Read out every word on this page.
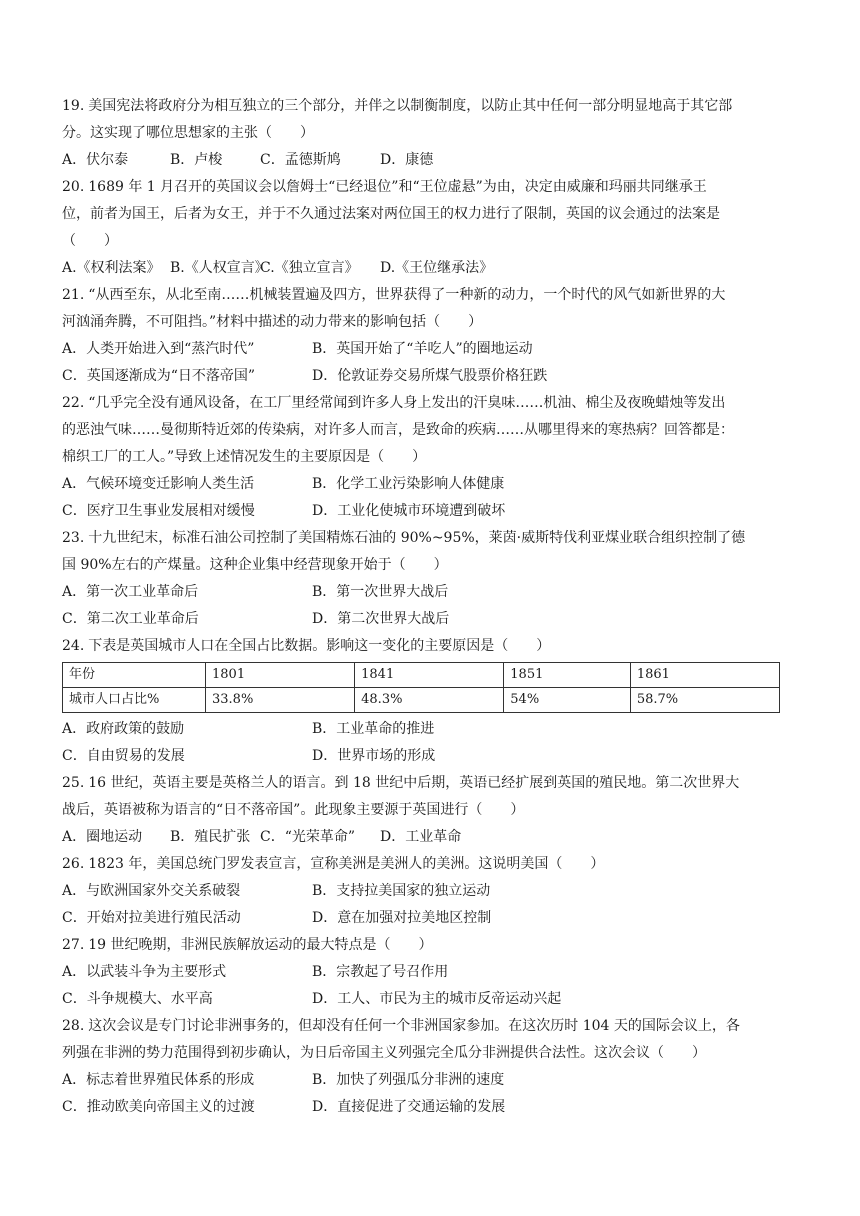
19. 美国宪法将政府分为相互独立的三个部分，并伴之以制衡制度，以防止其中任何一部分明显地高于其它部

分。这实现了哪位思想家的主张（　　）

A．伏尔泰	B．卢梭	C．孟德斯鸠	D．康德

20. 1689 年 1 月召开的英国议会以詹姆士“已经退位”和“王位虚悬”为由，决定由威廉和玛丽共同继承王

位，前者为国王，后者为女王，并于不久通过法案对两位国王的权力进行了限制，英国的议会通过的法案是

（　　）

A.《权利法案》 B.《人权宣言》
C.《独立宣言》	D.《王位继承法》

21. “从西至东，从北至南……机械装置遍及四方，世界获得了一种新的动力，一个时代的风气如新世界的大

河汹涌奔腾，不可阻挡。”材料中描述的动力带来的影响包括（　　）

A．人类开始进入到“蒸汽时代”	B．英国开始了“羊吃人”的圈地运动
C．英国逐渐成为“日不落帝国”	D．伦敦证券交易所煤气股票价格狂跌

22. “几乎完全没有通风设备，在工厂里经常闻到许多人身上发出的汗臭味……机油、棉尘及夜晚蜡烛等发出

的恶浊气味……曼彻斯特近郊的传染病，对许多人而言，是致命的疾病……从哪里得来的寒热病？回答都是：

棉织工厂的工人。”导致上述情况发生的主要原因是（　　）

A．气候环境变迁影响人类生活	B．化学工业污染影响人体健康
C．医疗卫生事业发展相对缓慢	D．工业化使城市环境遭到破坏

23. 十九世纪末，标准石油公司控制了美国精炼石油的 90%~95%，莱茵·威斯特伐利亚煤业联合组织控制了德

国 90%左右的产煤量。这种企业集中经营现象开始于（　　）

A．第一次工业革命后	B．第一次世界大战后
C．第二次工业革命后	D．第二次世界大战后

24. 下表是英国城市人口在全国占比数据。影响这一变化的主要原因是（　　）

年份	1801	1841	1851	1861
城市人口占比%	33.8%	48.3%	54%	58.7%
A．政府政策的鼓励	B．工业革命的推进
C．自由贸易的发展	D．世界市场的形成

25. 16 世纪，英语主要是英格兰人的语言。到 18 世纪中后期，英语已经扩展到英国的殖民地。第二次世界大

战后，英语被称为语言的“日不落帝国”。此现象主要源于英国进行（　　）

A．圈地运动	B．殖民扩张 C．“光荣革命”	D．工业革命

26. 1823 年，美国总统门罗发表宣言，宣称美洲是美洲人的美洲。这说明美国（　　）

A．与欧洲国家外交关系破裂	B．支持拉美国家的独立运动
C．开始对拉美进行殖民活动	D．意在加强对拉美地区控制

27. 19 世纪晚期，非洲民族解放运动的最大特点是（　　）

A．以武装斗争为主要形式	B．宗教起了号召作用
C．斗争规模大、水平高	D．工人、市民为主的城市反帝运动兴起

28. 这次会议是专门讨论非洲事务的，但却没有任何一个非洲国家参加。在这次历时 104 天的国际会议上，各

列强在非洲的势力范围得到初步确认，为日后帝国主义列强完全瓜分非洲提供合法性。这次会议（　　）

A．标志着世界殖民体系的形成	B．加快了列强瓜分非洲的速度
C．推动欧美向帝国主义的过渡	D．直接促进了交通运输的发展
